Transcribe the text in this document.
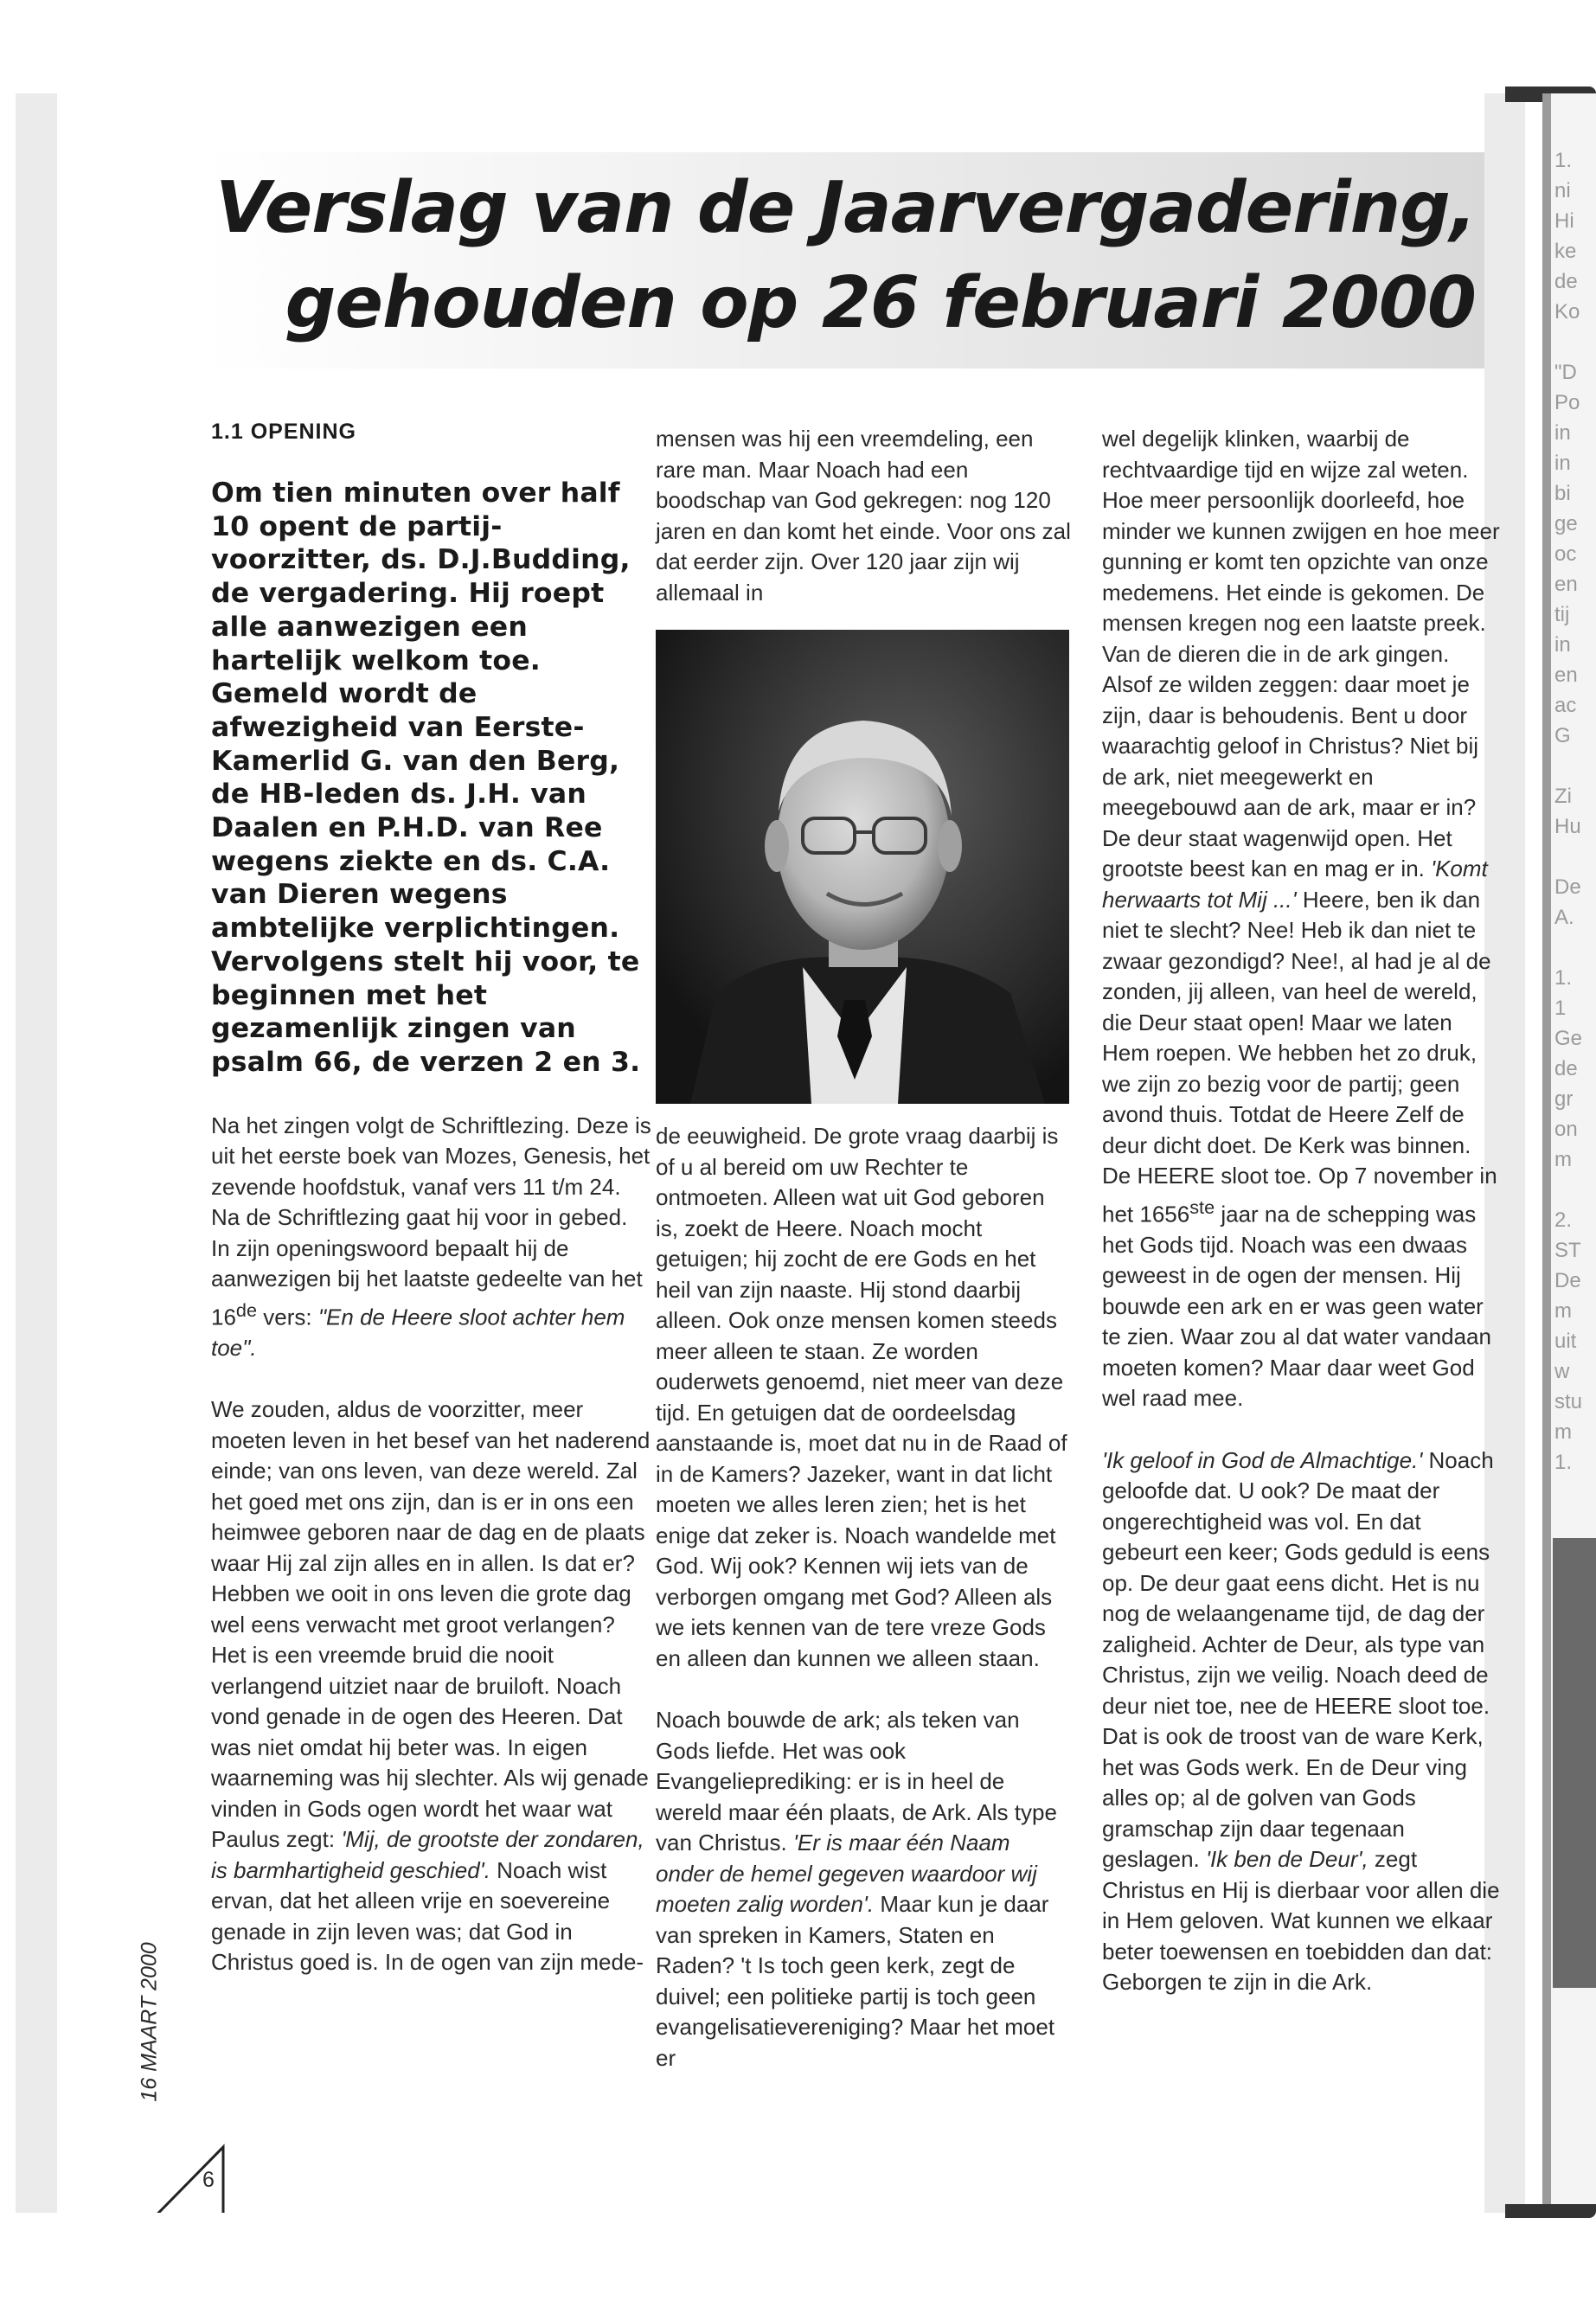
Verslag van de Jaarvergadering,
gehouden op 26 februari 2000

1.1 OPENING

Om tien minuten over half 10 opent de partij-voorzitter, ds. D.J.Budding, de vergadering. Hij roept alle aanwezigen een hartelijk welkom toe. Gemeld wordt de afwezigheid van Eerste-Kamerlid G. van den Berg, de HB-leden ds. J.H. van Daalen en P.H.D. van Ree wegens ziekte en ds. C.A. van Dieren wegens ambtelijke verplichtingen. Vervolgens stelt hij voor, te beginnen met het gezamenlijk zingen van psalm 66, de verzen 2 en 3.

Na het zingen volgt de Schriftlezing. Deze is uit het eerste boek van Mozes, Genesis, het zevende hoofdstuk, vanaf vers 11 t/m 24. Na de Schriftlezing gaat hij voor in gebed. In zijn openingswoord bepaalt hij de aanwezigen bij het laatste gedeelte van het 16de vers: "En de Heere sloot achter hem toe".

We zouden, aldus de voorzitter, meer moeten leven in het besef van het naderend einde; van ons leven, van deze wereld. Zal het goed met ons zijn, dan is er in ons een heimwee geboren naar de dag en de plaats waar Hij zal zijn alles en in allen. Is dat er? Hebben we ooit in ons leven die grote dag wel eens verwacht met groot verlangen? Het is een vreemde bruid die nooit verlangend uitziet naar de bruiloft. Noach vond genade in de ogen des Heeren. Dat was niet omdat hij beter was. In eigen waarneming was hij slechter. Als wij genade vinden in Gods ogen wordt het waar wat Paulus zegt: 'Mij, de grootste der zondaren, is barmhartigheid geschied'. Noach wist ervan, dat het alleen vrije en soevereine genade in zijn leven was; dat God in Christus goed is. In de ogen van zijn mede-

mensen was hij een vreemdeling, een rare man. Maar Noach had een boodschap van God gekregen: nog 120 jaren en dan komt het einde. Voor ons zal dat eerder zijn. Over 120 jaar zijn wij allemaal in

de eeuwigheid. De grote vraag daarbij is of u al bereid om uw Rechter te ontmoeten. Alleen wat uit God geboren is, zoekt de Heere. Noach mocht getuigen; hij zocht de ere Gods en het heil van zijn naaste. Hij stond daarbij alleen. Ook onze mensen komen steeds meer alleen te staan. Ze worden ouderwets genoemd, niet meer van deze tijd. En getuigen dat de oordeelsdag aanstaande is, moet dat nu in de Raad of in de Kamers? Jazeker, want in dat licht moeten we alles leren zien; het is het enige dat zeker is. Noach wandelde met God. Wij ook? Kennen wij iets van de verborgen omgang met God? Alleen als we iets kennen van de tere vreze Gods en alleen dan kunnen we alleen staan.

Noach bouwde de ark; als teken van Gods liefde. Het was ook Evangelieprediking: er is in heel de wereld maar één plaats, de Ark. Als type van Christus. 'Er is maar één Naam onder de hemel gegeven waardoor wij moeten zalig worden'. Maar kun je daar van spreken in Kamers, Staten en Raden? 't Is toch geen kerk, zegt de duivel; een politieke partij is toch geen evangelisatievereniging? Maar het moet er

wel degelijk klinken, waarbij de rechtvaardige tijd en wijze zal weten. Hoe meer persoonlijk doorleefd, hoe minder we kunnen zwijgen en hoe meer gunning er komt ten opzichte van onze medemens. Het einde is gekomen. De mensen kregen nog een laatste preek. Van de dieren die in de ark gingen. Alsof ze wilden zeggen: daar moet je zijn, daar is behoudenis. Bent u door waarachtig geloof in Christus? Niet bij de ark, niet meegewerkt en meegebouwd aan de ark, maar er in? De deur staat wagenwijd open. Het grootste beest kan en mag er in. 'Komt herwaarts tot Mij ...' Heere, ben ik dan niet te slecht? Nee! Heb ik dan niet te zwaar gezondigd? Nee!, al had je al de zonden, jij alleen, van heel de wereld, die Deur staat open! Maar we laten Hem roepen. We hebben het zo druk, we zijn zo bezig voor de partij; geen avond thuis. Totdat de Heere Zelf de deur dicht doet. De Kerk was binnen. De HEERE sloot toe. Op 7 november in het 1656ste jaar na de schepping was het Gods tijd. Noach was een dwaas geweest in de ogen der mensen. Hij bouwde een ark en er was geen water te zien. Waar zou al dat water vandaan moeten komen? Maar daar weet God wel raad mee.

'Ik geloof in God de Almachtige.' Noach geloofde dat. U ook? De maat der ongerechtigheid was vol. En dat gebeurt een keer; Gods geduld is eens op. De deur gaat eens dicht. Het is nu nog de welaangename tijd, de dag der zaligheid. Achter de Deur, als type van Christus, zijn we veilig. Noach deed de deur niet toe, nee de HEERE sloot toe. Dat is ook de troost van de ware Kerk, het was Gods werk. En de Deur ving alles op; al de golven van Gods gramschap zijn daar tegenaan geslagen. 'Ik ben de Deur', zegt Christus en Hij is dierbaar voor allen die in Hem geloven. Wat kunnen we elkaar beter toewensen en toebidden dan dat: Geborgen te zijn in die Ark.

16 MAART 2000
6
1.
ni
Hi
ke
de
Ko

"D
Po
in
in
bi
ge
oc
en
tij
in
en
ac
G

Zi
Hu

De
A.

1.
1
Ge
de
gr
on
m

2.
ST
De
m
uit
w
stu
m
1.
